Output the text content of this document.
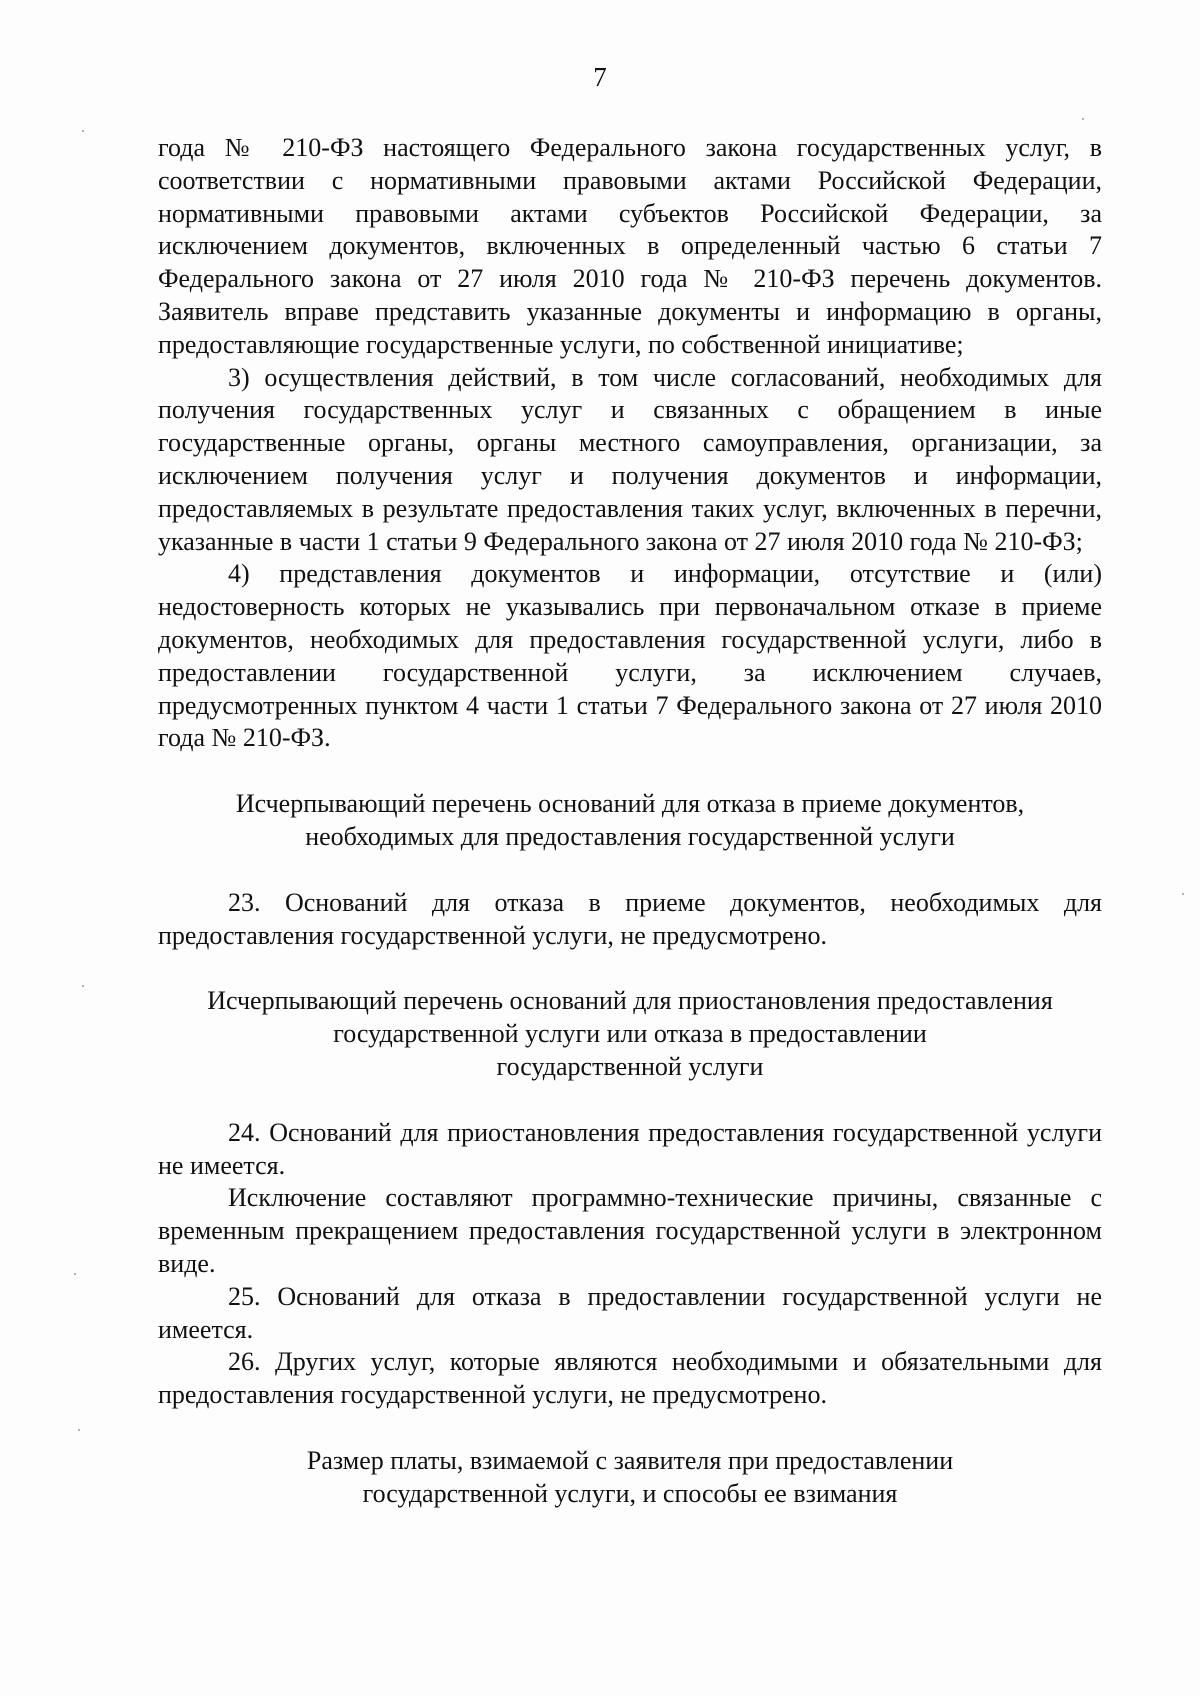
7

года № 210-ФЗ настоящего Федерального закона государственных услуг, в соответствии с нормативными правовыми актами Российской Федерации, нормативными правовыми актами субъектов Российской Федерации, за исключением документов, включенных в определенный частью 6 статьи 7 Федерального закона от 27 июля 2010 года № 210-ФЗ перечень документов. Заявитель вправе представить указанные документы и информацию в органы, предоставляющие государственные услуги, по собственной инициативе;

3) осуществления действий, в том числе согласований, необходимых для получения государственных услуг и связанных с обращением в иные государственные органы, органы местного самоуправления, организации, за исключением получения услуг и получения документов и информации, предоставляемых в результате предоставления таких услуг, включенных в перечни, указанные в части 1 статьи 9 Федерального закона от 27 июля 2010 года № 210-ФЗ;

4) представления документов и информации, отсутствие и (или) недостоверность которых не указывались при первоначальном отказе в приеме документов, необходимых для предоставления государственной услуги, либо в предоставлении государственной услуги, за исключением случаев, предусмотренных пунктом 4 части 1 статьи 7 Федерального закона от 27 июля 2010 года № 210-ФЗ.

Исчерпывающий перечень оснований для отказа в приеме документов,
необходимых для предоставления государственной услуги

23. Оснований для отказа в приеме документов, необходимых для предоставления государственной услуги, не предусмотрено.

Исчерпывающий перечень оснований для приостановления предоставления
государственной услуги или отказа в предоставлении
государственной услуги

24. Оснований для приостановления предоставления государственной услуги не имеется.

Исключение составляют программно-технические причины, связанные с временным прекращением предоставления государственной услуги в электронном виде.

25. Оснований для отказа в предоставлении государственной услуги не имеется.

26. Других услуг, которые являются необходимыми и обязательными для предоставления государственной услуги, не предусмотрено.

Размер платы, взимаемой с заявителя при предоставлении
государственной услуги, и способы ее взимания
